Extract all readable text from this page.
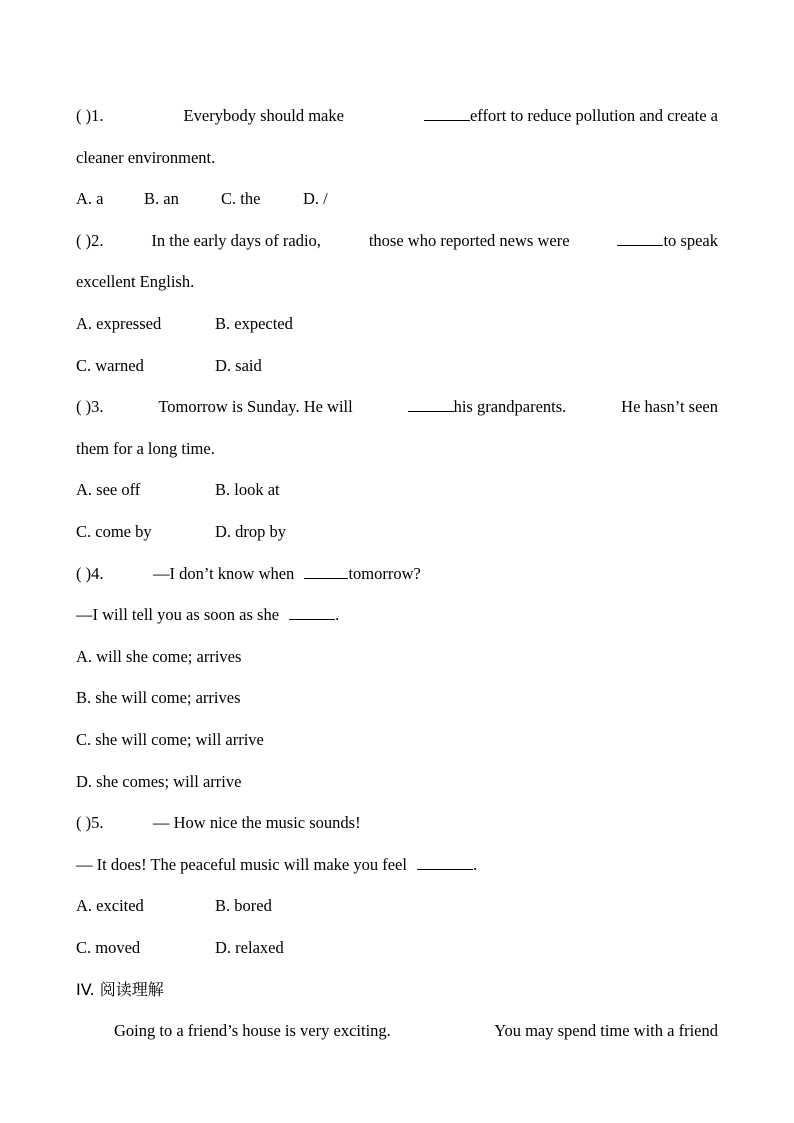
( )1.	Everybody should make	effort to reduce pollution and create a
cleaner environment.
A. a B. an	C. the	D. /
( )2.	In the early days of radio,	those who reported news were	to speak
excellent English.
A. expressed	B. expected
C. warned	D. said
( )3.	Tomorrow is Sunday. He will	his grandparents.	He hasn’t seen
them for a long time.
A. see off	B. look at
C. come by	D. drop by
( )4.	—I don’t know when	tomorrow?
—I will tell you as soon as she	.
A. will she come; arrives
B. she will come; arrives
C. she will come; will arrive
D. she comes; will arrive
( )5.	— How nice the music sounds!
— It does! The peaceful music will make you feel	.
A. excited	B. bored
C. moved	D. relaxed
IV. 阅读理解
Going to a friend’s house is very exciting.	You may spend time with a friend
